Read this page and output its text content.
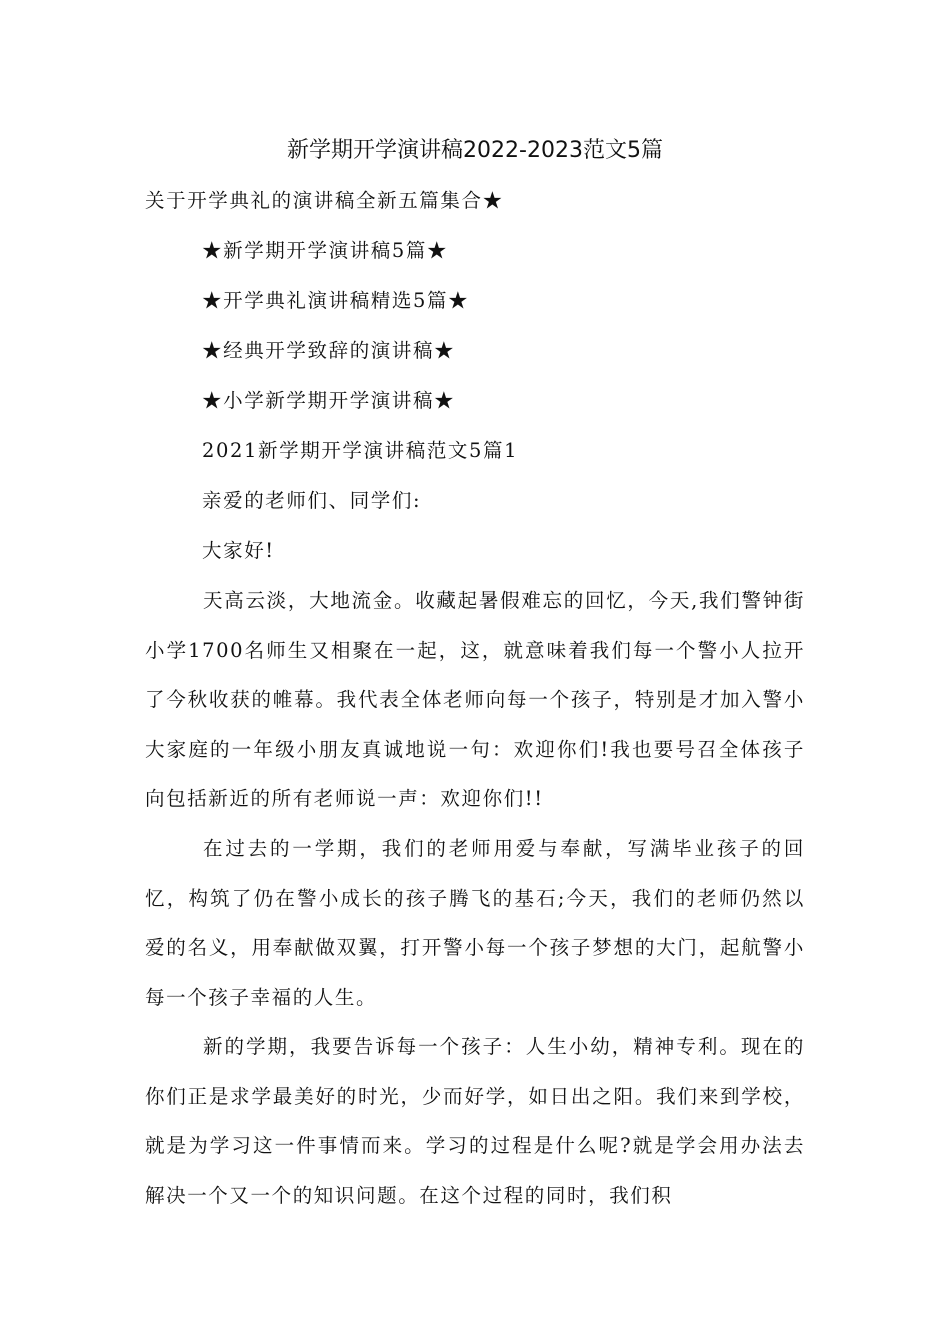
新学期开学演讲稿2022-2023范文5篇
关于开学典礼的演讲稿全新五篇集合★
★新学期开学演讲稿5篇★
★开学典礼演讲稿精选5篇★
★经典开学致辞的演讲稿★
★小学新学期开学演讲稿★
2021新学期开学演讲稿范文5篇1
亲爱的老师们、同学们:
大家好!
天高云淡，大地流金。收藏起暑假难忘的回忆，今天,我们警钟街小学1700名师生又相聚在一起，这，就意味着我们每一个警小人拉开了今秋收获的帷幕。我代表全体老师向每一个孩子，特别是才加入警小大家庭的一年级小朋友真诚地说一句：欢迎你们!我也要号召全体孩子向包括新近的所有老师说一声：欢迎你们!!
在过去的一学期，我们的老师用爱与奉献，写满毕业孩子的回忆，构筑了仍在警小成长的孩子腾飞的基石;今天，我们的老师仍然以爱的名义，用奉献做双翼，打开警小每一个孩子梦想的大门，起航警小每一个孩子幸福的人生。
新的学期，我要告诉每一个孩子：人生小幼，精神专利。现在的你们正是求学最美好的时光，少而好学，如日出之阳。我们来到学校，就是为学习这一件事情而来。学习的过程是什么呢?就是学会用办法去解决一个又一个的知识问题。在这个过程的同时，我们积
